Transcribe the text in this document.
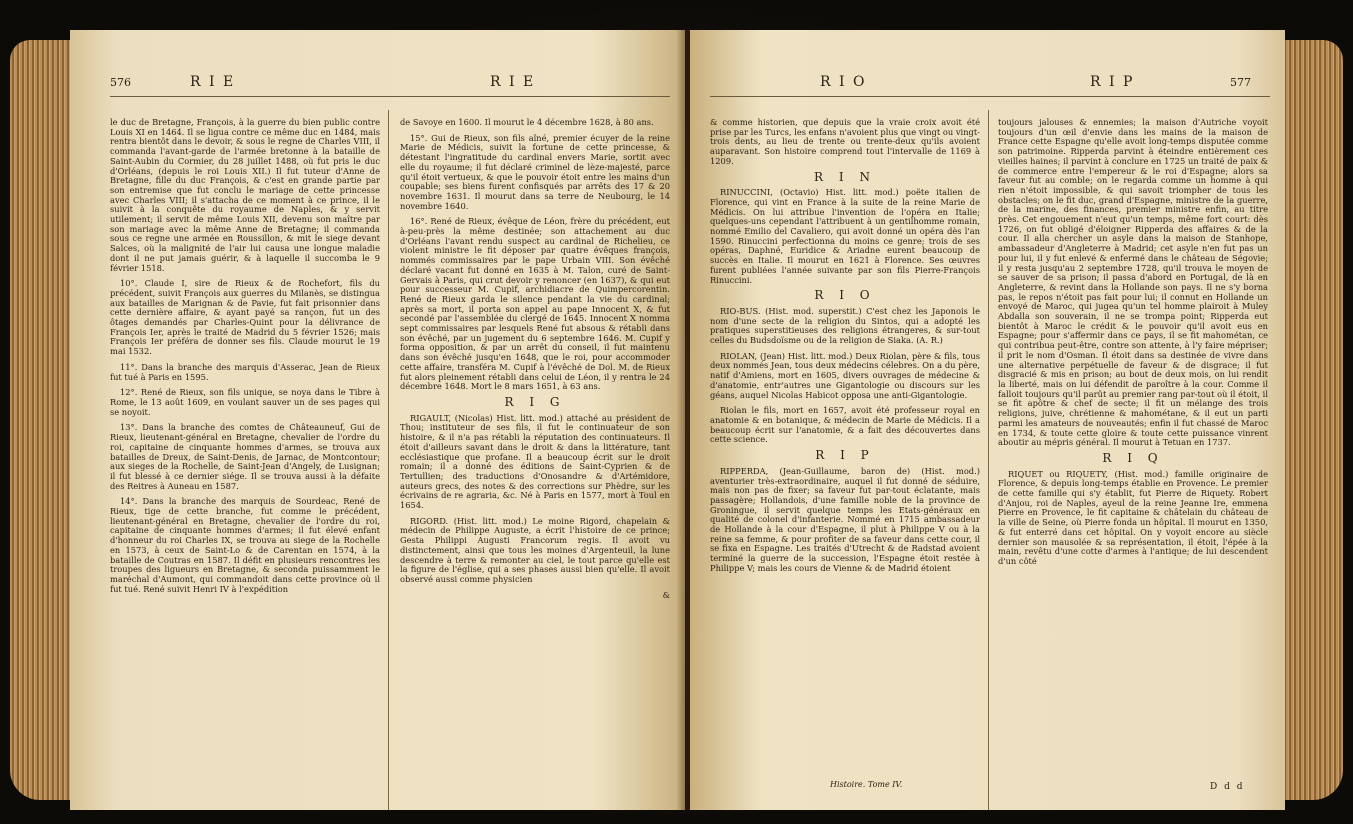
576	R I E	R I E

le duc de Bretagne, François, à la guerre du bien public contre Louis XI en 1464. Il se ligua contre ce même duc en 1484, mais rentra bientôt dans le devoir, & sous le regne de Charles VIII, il commanda l'avant-garde de l'armée bretonne à la bataille de Saint-Aubin du Cormier, du 28 juillet 1488, où fut pris le duc d'Orléans, (depuis le roi Louis XII.) Il fut tuteur d'Anne de Bretagne, fille du duc François, & c'est en grande partie par son entremise que fut conclu le mariage de cette princesse avec Charles VIII; il s'attacha de ce moment à ce prince, il le suivit à la conquête du royaume de Naples, & y servit utilement; il servit de même Louis XII, devenu son maître par son mariage avec la même Anne de Bretagne; il commanda sous ce regne une armée en Roussillon, & mit le siege devant Salces, où la malignité de l'air lui causa une longue maladie dont il ne put jamais guérir, & à laquelle il succomba le 9 février 1518.

10°. Claude I, sire de Rieux & de Rochefort, fils du précédent, suivit François aux guerres du Milanès, se distingua aux batailles de Marignan & de Pavie, fut fait prisonnier dans cette dernière affaire, & ayant payé sa rançon, fut un des ôtages demandés par Charles-Quint pour la délivrance de François Ier, après le traité de Madrid du 5 février 1526; mais François Ier préféra de donner ses fils. Claude mourut le 19 mai 1532.

11°. Dans la branche des marquis d'Asserac, Jean de Rieux fut tué à Paris en 1595.

12°. René de Rieux, son fils unique, se noya dans le Tibre à Rome, le 13 août 1609, en voulant sauver un de ses pages qui se noyoit.

13°. Dans la branche des comtes de Châteauneuf, Gui de Rieux, lieutenant-général en Bretagne, chevalier de l'ordre du roi, capitaine de cinquante hommes d'armes, se trouva aux batailles de Dreux, de Saint-Denis, de Jarnac, de Montcontour; aux sieges de la Rochelle, de Saint-Jean d'Angely, de Lusignan; il fut blessé à ce dernier siége. Il se trouva aussi à la défaite des Reitres à Auneau en 1587.

14°. Dans la branche des marquis de Sourdeac, René de Rieux, tige de cette branche, fut comme le précédent, lieutenant-général en Bretagne, chevalier de l'ordre du roi, capitaine de cinquante hommes d'armes; il fut élevé enfant d'honneur du roi Charles IX, se trouva au siege de la Rochelle en 1573, à ceux de Saint-Lo & de Carentan en 1574, à la bataille de Coutras en 1587. Il défit en plusieurs rencontres les troupes des ligueurs en Bretagne, & seconda puissamment le maréchal d'Aumont, qui commandoit dans cette province où il fut tué. René suivit Henri IV à l'expédition

de Savoye en 1600. Il mourut le 4 décembre 1628, à 80 ans.

15°. Gui de Rieux, son fils aîné, premier écuyer de la reine Marie de Médicis, suivit la fortune de cette princesse, & détestant l'ingratitude du cardinal envers Marie, sortit avec elle du royaume; il fut déclaré criminel de lèze-majesté, parce qu'il étoit vertueux, & que le pouvoir étoit entre les mains d'un coupable; ses biens furent confisqués par arrêts des 17 & 20 novembre 1631. Il mourut dans sa terre de Neubourg, le 14 novembre 1640.

16°. René de Rieux, évêque de Léon, frère du précédent, eut à-peu-près la même destinée; son attachement au duc d'Orléans l'avant rendu suspect au cardinal de Richelieu, ce violent ministre le fit déposer par quatre évêques françois, nommés commissaires par le pape Urbain VIII. Son évêché déclaré vacant fut donné en 1635 à M. Talon, curé de Saint-Gervais à Paris, qui crut devoir y renoncer (en 1637), & qui eut pour successeur M. Cupif, archidiacre de Quimpercorentin. René de Rieux garda le silence pendant la vie du cardinal; après sa mort, il porta son appel au pape Innocent X, & fut secondé par l'assemblée du clergé de 1645. Innocent X nomma sept commissaires par lesquels René fut absous & rétabli dans son évêché, par un jugement du 6 septembre 1646. M. Cupif y forma opposition, & par un arrêt du conseil, il fut maintenu dans son évêché jusqu'en 1648, que le roi, pour accommoder cette affaire, transféra M. Cupif à l'évêché de Dol. M. de Rieux fut alors pleinement rétabli dans celui de Léon, il y rentra le 24 décembre 1648. Mort le 8 mars 1651, à 63 ans.

R I G

RIGAULT, (Nicolas) Hist. litt. mod.) attaché au président de Thou; instituteur de ses fils, il fut le continuateur de son histoire, & il n'a pas rétabli la réputation des continuateurs. Il étoit d'ailleurs savant dans le droit & dans la littérature, tant ecclésiastique que profane. Il a beaucoup écrit sur le droit romain; il a donné des éditions de Saint-Cyprien & de Tertullien; des traductions d'Onosandre & d'Artémidore, auteurs grecs, des notes & des corrections sur Phèdre, sur les écrivains de re agraria, &c. Né à Paris en 1577, mort à Toul en 1654.

RIGORD. (Hist. litt. mod.) Le moine Rigord, chapelain & médecin de Philippe Auguste, a écrit l'histoire de ce prince; Gesta Philippi Augusti Francorum regis. Il avoit vu distinctement, ainsi que tous les moines d'Argenteuil, la lune descendre à terre & remonter au ciel, le tout parce qu'elle est la figure de l'église, qui a ses phases aussi bien qu'elle. Il avoit observé aussi comme physicien

&
R I O	R I P	577

& comme historien, que depuis que la vraie croix avoit été prise par les Turcs, les enfans n'avoient plus que vingt ou vingt-trois dents, au lieu de trente ou trente-deux qu'ils avoient auparavant. Son histoire comprend tout l'intervalle de 1169 à 1209.

R I N

RINUCCINI, (Octavio) Hist. litt. mod.) poëte italien de Florence, qui vint en France à la suite de la reine Marie de Médicis. On lui attribue l'invention de l'opéra en Italie; quelques-uns cependant l'attribuent à un gentilhomme romain, nommé Emilio del Cavaliero, qui avoit donné un opéra dès l'an 1590. Rinuccini perfectionna du moins ce genre; trois de ses opéras, Daphné, Euridice & Ariadne eurent beaucoup de succès en Italie. Il mourut en 1621 à Florence. Ses œuvres furent publiées l'année suivante par son fils Pierre-François Rinuccini.

R I O

RIO-BUS. (Hist. mod. superstit.) C'est chez les Japonois le nom d'une secte de la religion du Sintos, qui a adopté les pratiques superstitieuses des religions étrangeres, & sur-tout celles du Budsdoïsme ou de la religion de Siaka. (A. R.)

RIOLAN, (Jean) Hist. litt. mod.) Deux Riolan, père & fils, tous deux nommés Jean, tous deux médecins célebres. On a du père, natif d'Amiens, mort en 1605, divers ouvrages de médecine & d'anatomie, entr'autres une Gigantologie ou discours sur les géans, auquel Nicolas Habicot opposa une anti-Gigantologie.

Riolan le fils, mort en 1657, avoit été professeur royal en anatomie & en botanique, & médecin de Marie de Médicis. Il a beaucoup écrit sur l'anatomie, & a fait des découvertes dans cette science.

R I P

RIPPERDA, (Jean-Guillaume, baron de) (Hist. mod.) aventurier très-extraordinaire, auquel il fut donné de séduire, mais non pas de fixer; sa faveur fut par-tout éclatante, mais passagère; Hollandois, d'une famille noble de la province de Groningue, il servit quelque temps les Etats-généraux en qualité de colonel d'infanterie. Nommé en 1715 ambassadeur de Hollande à la cour d'Espagne, il plut à Philippe V ou à la reine sa femme, & pour profiter de sa faveur dans cette cour, il se fixa en Espagne. Les traités d'Utrecht & de Radstad avoient terminé la guerre de la succession, l'Espagne étoit restée à Philippe V; mais les cours de Vienne & de Madrid étoient

Histoire. Tome IV.

toujours jalouses & ennemies; la maison d'Autriche voyoit toujours d'un œil d'envie dans les mains de la maison de France cette Espagne qu'elle avoit long-temps disputée comme son patrimoine. Ripperda parvint à éteindre entièrement ces vieilles haines; il parvint à conclure en 1725 un traité de paix & de commerce entre l'empereur & le roi d'Espagne; alors sa faveur fut au comble; on le regarda comme un homme à qui rien n'étoit impossible, & qui savoit triompher de tous les obstacles; on le fit duc, grand d'Espagne, ministre de la guerre, de la marine, des finances, premier ministre enfin, au titre près. Cet engouement n'eut qu'un temps, même fort court: dès 1726, on fut obligé d'éloigner Ripperda des affaires & de la cour. Il alla chercher un asyle dans la maison de Stanhope, ambassadeur d'Angleterre à Madrid; cet asyle n'en fut pas un pour lui, il y fut enlevé & enfermé dans le château de Ségovie; il y resta jusqu'au 2 septembre 1728, qu'il trouva le moyen de se sauver de sa prison; il passa d'abord en Portugal, de là en Angleterre, & revint dans la Hollande son pays. Il ne s'y borna pas, le repos n'étoit pas fait pour lui; il connut en Hollande un envoyé de Maroc, qui jugea qu'un tel homme plairoit à Muley Abdalla son souverain, il ne se trompa point; Ripperda eut bientôt à Maroc le crédit & le pouvoir qu'il avoit eus en Espagne; pour s'affermir dans ce pays, il se fit mahométan, ce qui contribua peut-être, contre son attente, à l'y faire mépriser; il prit le nom d'Osman. Il étoit dans sa destinée de vivre dans une alternative perpétuelle de faveur & de disgrace; il fut disgracié & mis en prison; au bout de deux mois, on lui rendit la liberté, mais on lui défendit de paroître à la cour. Comme il falloit toujours qu'il parût au premier rang par-tout où il étoit, il se fit apôtre & chef de secte; il fit un mélange des trois religions, juive, chrétienne & mahométane, & il eut un parti parmi les amateurs de nouveautés; enfin il fut chassé de Maroc en 1734, & toute cette gloire & toute cette puissance vinrent aboutir au mépris général. Il mourut à Tetuan en 1737.

R I Q

RIQUET ou RIQUETY, (Hist. mod.) famille originaire de Florence, & depuis long-temps établie en Provence. Le premier de cette famille qui s'y établit, fut Pierre de Riquety. Robert d'Anjou, roi de Naples, ayeul de la reine Jeanne Ire, emmena Pierre en Provence, le fit capitaine & châtelain du château de la ville de Seine, où Pierre fonda un hôpital. Il mourut en 1350, & fut enterré dans cet hôpital. On y voyoit encore au siècle dernier son mausolée & sa représentation, il étoit, l'épée à la main, revêtu d'une cotte d'armes à l'antique; de lui descendent d'un côté

D d d
